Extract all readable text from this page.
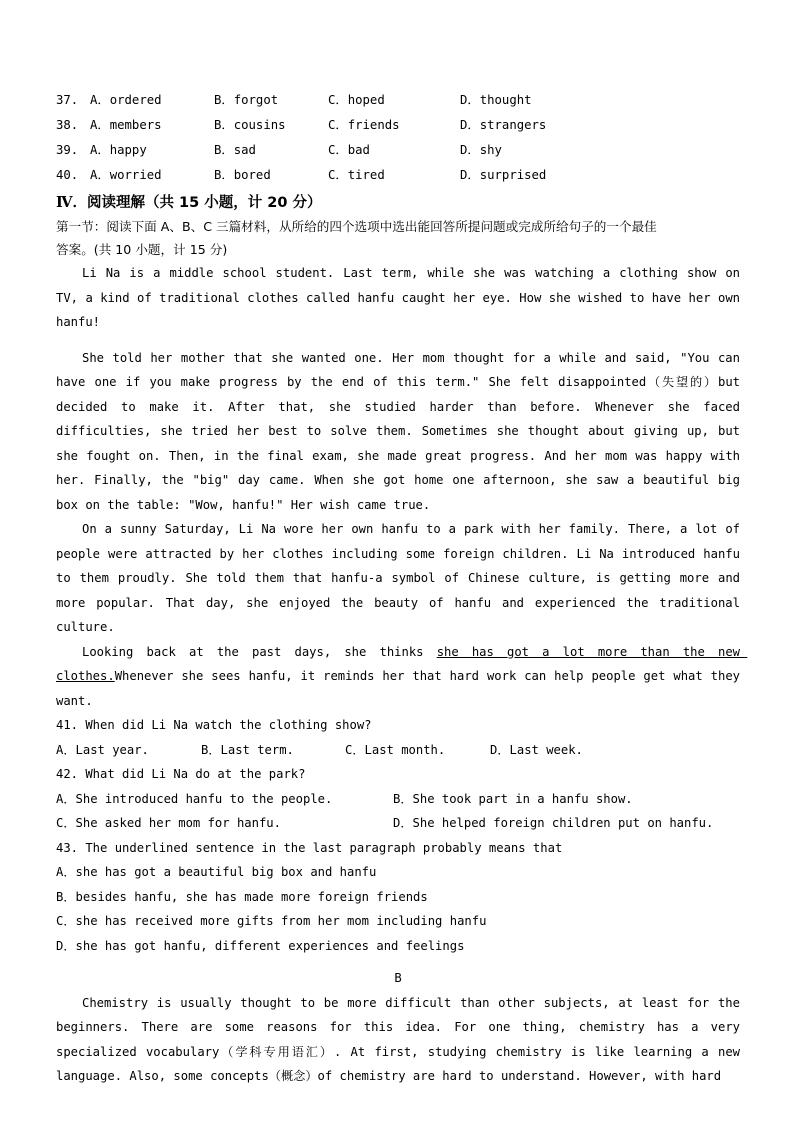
37. A．ordered	B．forgot	C．hoped	D．thought
38. A．members	B．cousins	C．friends	D．strangers
39. A．happy	B．sad	C．bad	D．shy
40. A．worried	B．bored	C．tired	D．surprised
Ⅳ．阅读理解（共 15 小题，计 20 分）
第一节：阅读下面 A、B、C 三篇材料，从所给的四个选项中选出能回答所提问题或完成所给句子的一个最佳
答案。(共 10 小题，计 15 分)
Li Na is a middle school student. Last term, while she was watching a clothing show on TV, a kind of traditional clothes called hanfu caught her eye. How she wished to have her own hanfu!
She told her mother that she wanted one. Her mom thought for a while and said, "You can have one if you make progress by the end of this term." She felt disappointed（失望的）but decided to make it. After that, she studied harder than before. Whenever she faced difficulties, she tried her best to solve them. Sometimes she thought about giving up, but she fought on. Then, in the final exam, she made great progress. And her mom was happy with her. Finally, the "big" day came. When she got home one afternoon, she saw a beautiful big box on the table: "Wow, hanfu!" Her wish came true.
On a sunny Saturday, Li Na wore her own hanfu to a park with her family. There, a lot of people were attracted by her clothes including some foreign children. Li Na introduced hanfu to them proudly. She told them that hanfu-a symbol of Chinese culture, is getting more and more popular. That day, she enjoyed the beauty of hanfu and experienced the traditional culture.
Looking back at the past days, she thinks she has got a lot more than the new clothes.Whenever she sees hanfu, it reminds her that hard work can help people get what they want.
41. When did Li Na watch the clothing show?
A．Last year.	B．Last term.	C．Last month.	D．Last week.
42. What did Li Na do at the park?
A．She introduced hanfu to the people.	B．She took part in a hanfu show.
C．She asked her mom for hanfu.	D．She helped foreign children put on hanfu.
43. The underlined sentence in the last paragraph probably means that
A．she has got a beautiful big box and hanfu
B．besides hanfu, she has made more foreign friends
C．she has received more gifts from her mom including hanfu
D．she has got hanfu, different experiences and feelings
B
Chemistry is usually thought to be more difficult than other subjects, at least for the beginners. There are some reasons for this idea. For one thing, chemistry has a very specialized vocabulary（学科专用语汇）. At first, studying chemistry is like learning a new language. Also, some concepts（概念）of chemistry are hard to understand. However, with hard
